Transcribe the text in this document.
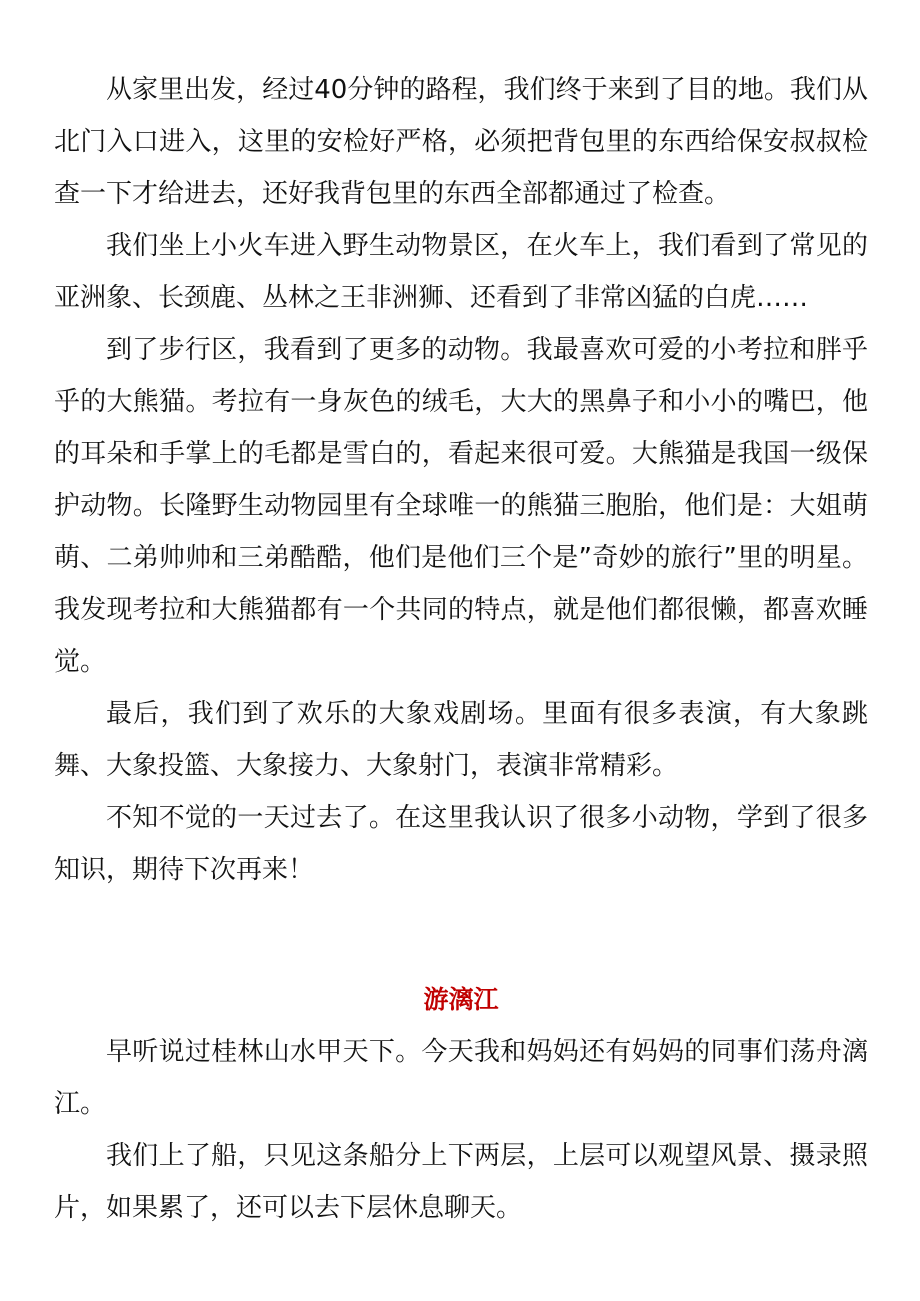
从家里出发，经过40分钟的路程，我们终于来到了目的地。我们从北门入口进入，这里的安检好严格，必须把背包里的东西给保安叔叔检查一下才给进去，还好我背包里的东西全部都通过了检查。

我们坐上小火车进入野生动物景区，在火车上，我们看到了常见的亚洲象、长颈鹿、丛林之王非洲狮、还看到了非常凶猛的白虎……

到了步行区，我看到了更多的动物。我最喜欢可爱的小考拉和胖乎乎的大熊猫。考拉有一身灰色的绒毛，大大的黑鼻子和小小的嘴巴，他的耳朵和手掌上的毛都是雪白的，看起来很可爱。大熊猫是我国一级保护动物。长隆野生动物园里有全球唯一的熊猫三胞胎，他们是：大姐萌萌、二弟帅帅和三弟酷酷，他们是他们三个是”奇妙的旅行”里的明星。我发现考拉和大熊猫都有一个共同的特点，就是他们都很懒，都喜欢睡觉。

最后，我们到了欢乐的大象戏剧场。里面有很多表演，有大象跳舞、大象投篮、大象接力、大象射门，表演非常精彩。

不知不觉的一天过去了。在这里我认识了很多小动物，学到了很多知识，期待下次再来！

游漓江

早听说过桂林山水甲天下。今天我和妈妈还有妈妈的同事们荡舟漓江。

我们上了船，只见这条船分上下两层，上层可以观望风景、摄录照片，如果累了，还可以去下层休息聊天。
